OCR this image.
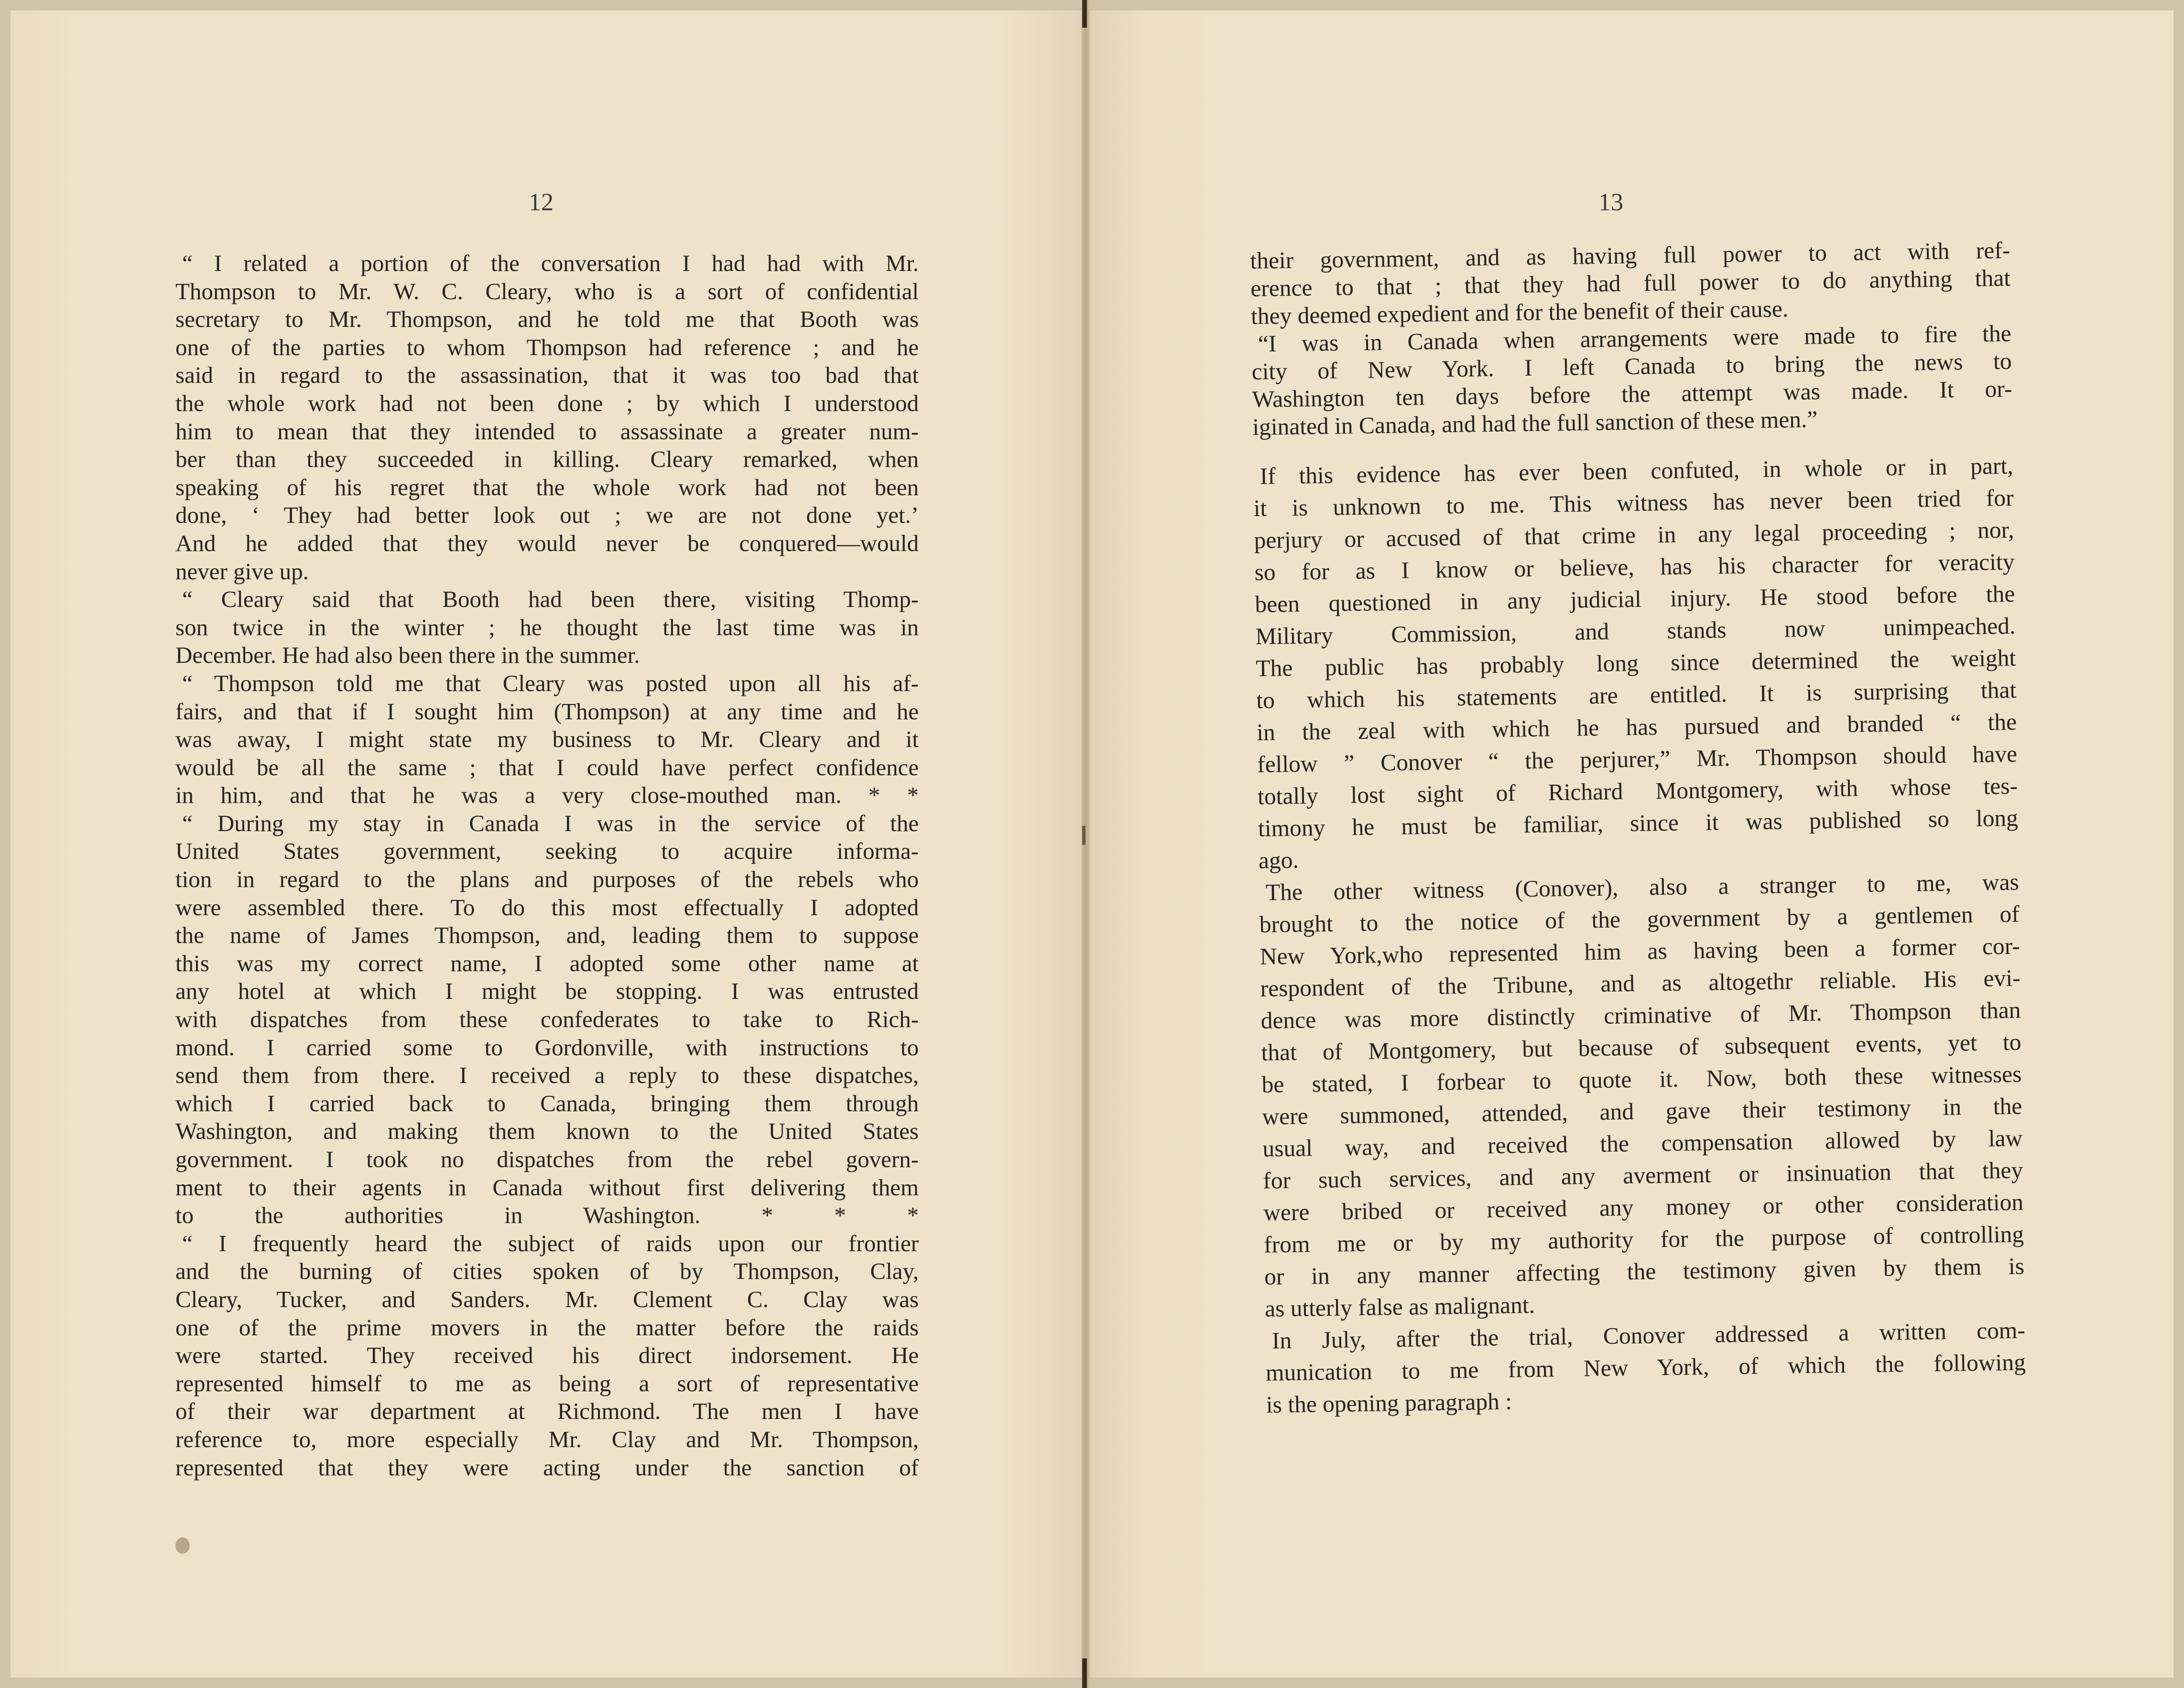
12
“ I related a portion of the conversation I had had with Mr.
Thompson to Mr. W. C. Cleary, who is a sort of confidential
secretary to Mr. Thompson, and he told me that Booth was
one of the parties to whom Thompson had reference ; and he
said in regard to the assassination, that it was too bad that
the whole work had not been done ; by which I understood
him to mean that they intended to assassinate a greater num-
ber than they succeeded in killing. Cleary remarked, when
speaking of his regret that the whole work had not been
done, ‘ They had better look out ; we are not done yet.’
And he added that they would never be conquered—would
never give up.
“ Cleary said that Booth had been there, visiting Thomp-
son twice in the winter ; he thought the last time was in
December. He had also been there in the summer.
“ Thompson told me that Cleary was posted upon all his af-
fairs, and that if I sought him (Thompson) at any time and he
was away, I might state my business to Mr. Cleary and it
would be all the same ; that I could have perfect confidence
in him, and that he was a very close-mouthed man. * *
“ During my stay in Canada I was in the service of the
United States government, seeking to acquire informa-
tion in regard to the plans and purposes of the rebels who
were assembled there. To do this most effectually I adopted
the name of James Thompson, and, leading them to suppose
this was my correct name, I adopted some other name at
any hotel at which I might be stopping. I was entrusted
with dispatches from these confederates to take to Rich-
mond. I carried some to Gordonville, with instructions to
send them from there. I received a reply to these dispatches,
which I carried back to Canada, bringing them through
Washington, and making them known to the United States
government. I took no dispatches from the rebel govern-
ment to their agents in Canada without first delivering them
to the authorities in Washington. * * *
“ I frequently heard the subject of raids upon our frontier
and the burning of cities spoken of by Thompson, Clay,
Cleary, Tucker, and Sanders. Mr. Clement C. Clay was
one of the prime movers in the matter before the raids
were started. They received his direct indorsement. He
represented himself to me as being a sort of representative
of their war department at Richmond. The men I have
reference to, more especially Mr. Clay and Mr. Thompson,
represented that they were acting under the sanction of
13
their government, and as having full power to act with ref-
erence to that ; that they had full power to do anything that
they deemed expedient and for the benefit of their cause.
“I was in Canada when arrangements were made to fire the
city of New York. I left Canada to bring the news to
Washington ten days before the attempt was made. It or-
iginated in Canada, and had the full sanction of these men.”
If this evidence has ever been confuted, in whole or in part,
it is unknown to me. This witness has never been tried for
perjury or accused of that crime in any legal proceeding ; nor,
so for as I know or believe, has his character for veracity
been questioned in any judicial injury. He stood before the
Military Commission, and stands now unimpeached.
The public has probably long since determined the weight
to which his statements are entitled. It is surprising that
in the zeal with which he has pursued and branded “ the
fellow ” Conover “ the perjurer,” Mr. Thompson should have
totally lost sight of Richard Montgomery, with whose tes-
timony he must be familiar, since it was published so long
ago.
The other witness (Conover), also a stranger to me, was
brought to the notice of the government by a gentlemen of
New York,who represented him as having been a former cor-
respondent of the Tribune, and as altogethr reliable. His evi-
dence was more distinctly criminative of Mr. Thompson than
that of Montgomery, but because of subsequent events, yet to
be stated, I forbear to quote it. Now, both these witnesses
were summoned, attended, and gave their testimony in the
usual way, and received the compensation allowed by law
for such services, and any averment or insinuation that they
were bribed or received any money or other consideration
from me or by my authority for the purpose of controlling
or in any manner affecting the testimony given by them is
as utterly false as malignant.
In July, after the trial, Conover addressed a written com-
munication to me from New York, of which the following
is the opening paragraph :
